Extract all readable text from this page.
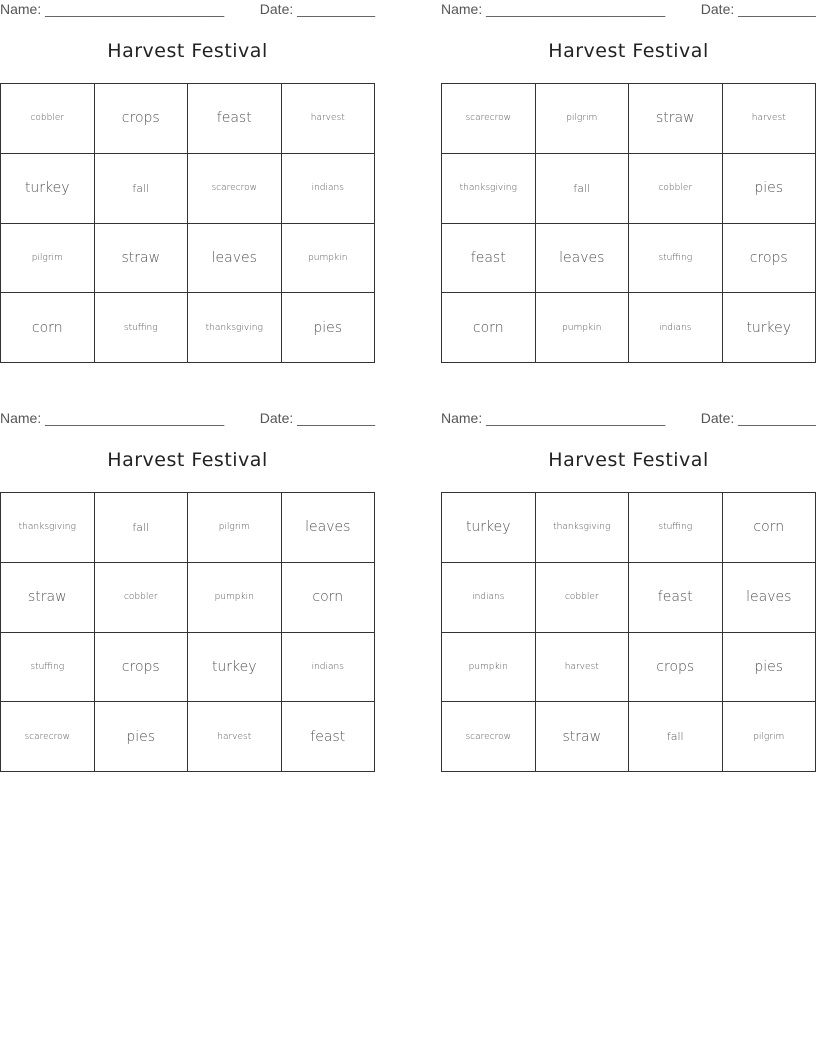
Name: _______________________	Date: __________
Harvest Festival
cobbler	crops	feast	harvest
turkey	fall	scarecrow	indians
pilgrim	straw	leaves	pumpkin
corn	stuffing	thanksgiving	pies
Name: _______________________	Date: __________
Harvest Festival
scarecrow	pilgrim	straw	harvest
thanksgiving	fall	cobbler	pies
feast	leaves	stuffing	crops
corn	pumpkin	indians	turkey
Name: _______________________	Date: __________
Harvest Festival
thanksgiving	fall	pilgrim	leaves
straw	cobbler	pumpkin	corn
stuffing	crops	turkey	indians
scarecrow	pies	harvest	feast
Name: _______________________	Date: __________
Harvest Festival
turkey	thanksgiving	stuffing	corn
indians	cobbler	feast	leaves
pumpkin	harvest	crops	pies
scarecrow	straw	fall	pilgrim
